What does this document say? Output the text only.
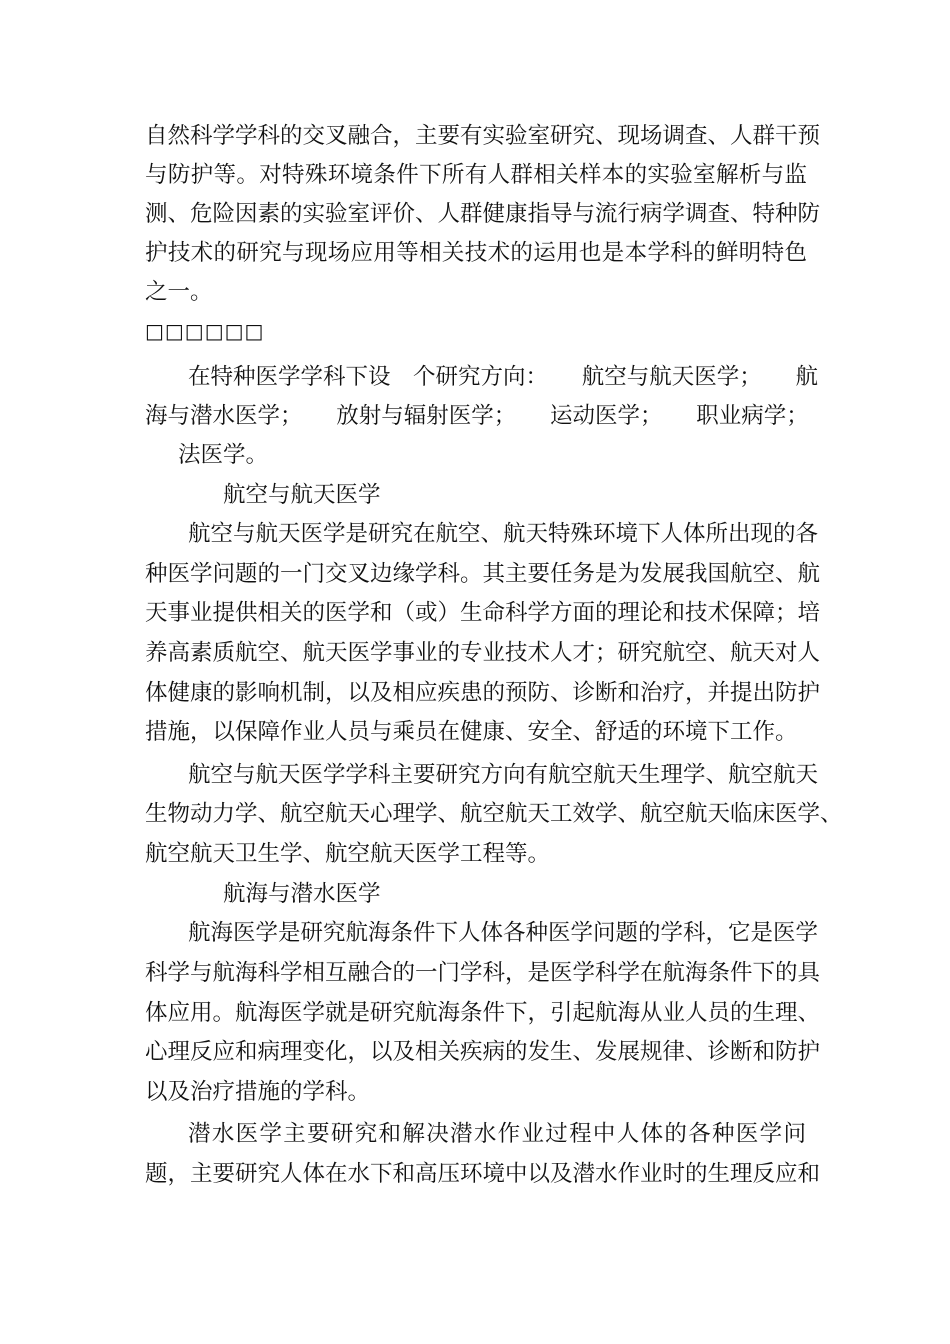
自然科学学科的交叉融合，主要有实验室研究、现场调查、人群干预
与防护等。对特殊环境条件下所有人群相关样本的实验室解析与监
测、危险因素的实验室评价、人群健康指导与流行病学调查、特种防
护技术的研究与现场应用等相关技术的运用也是本学科的鲜明特色
之一。
□□□□□□
在特种医学学科下设　个研究方向：　　航空与航天医学；　　航
海与潜水医学；　　放射与辐射医学；　　运动医学；　　职业病学；
法医学。
航空与航天医学
航空与航天医学是研究在航空、航天特殊环境下人体所出现的各
种医学问题的一门交叉边缘学科。其主要任务是为发展我国航空、航
天事业提供相关的医学和（或）生命科学方面的理论和技术保障；培
养高素质航空、航天医学事业的专业技术人才；研究航空、航天对人
体健康的影响机制，以及相应疾患的预防、诊断和治疗，并提出防护
措施，以保障作业人员与乘员在健康、安全、舒适的环境下工作。
航空与航天医学学科主要研究方向有航空航天生理学、航空航天
生物动力学、航空航天心理学、航空航天工效学、航空航天临床医学、
航空航天卫生学、航空航天医学工程等。
航海与潜水医学
航海医学是研究航海条件下人体各种医学问题的学科，它是医学
科学与航海科学相互融合的一门学科，是医学科学在航海条件下的具
体应用。航海医学就是研究航海条件下，引起航海从业人员的生理、
心理反应和病理变化，以及相关疾病的发生、发展规律、诊断和防护
以及治疗措施的学科。
潜水医学主要研究和解决潜水作业过程中人体的各种医学问
题，主要研究人体在水下和高压环境中以及潜水作业时的生理反应和
